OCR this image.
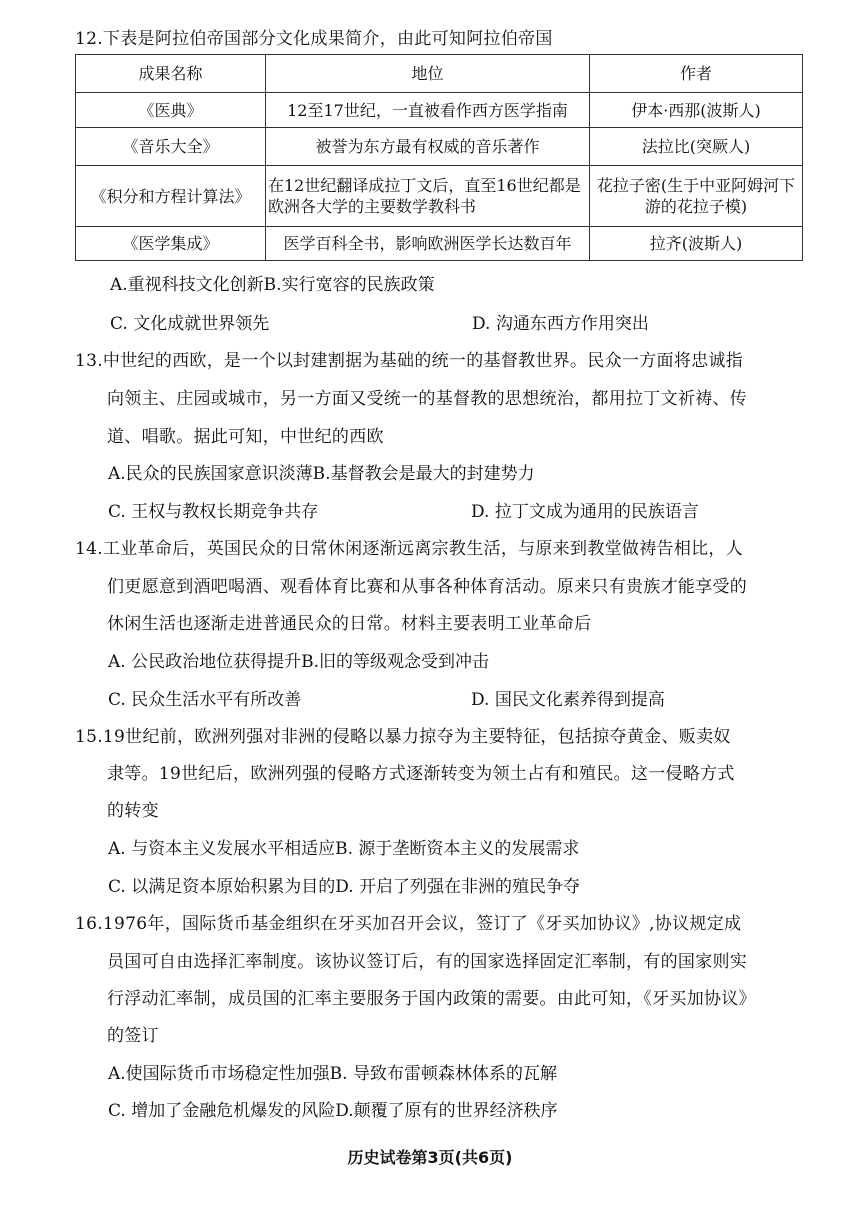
12.下表是阿拉伯帝国部分文化成果简介，由此可知阿拉伯帝国
成果名称	地位	作者
《医典》	12至17世纪，一直被看作西方医学指南	伊本·西那(波斯人)
《音乐大全》	被誉为东方最有权威的音乐著作	法拉比(突厥人)
《积分和方程计算法》	在12世纪翻译成拉丁文后，直至16世纪都是欧洲各大学的主要数学教科书	花拉子密(生于中亚阿姆河下游的花拉子模)
《医学集成》	医学百科全书，影响欧洲医学长达数百年	拉齐(波斯人)
A.重视科技文化创新B.实行宽容的民族政策
C. 文化成就世界领先	D. 沟通东西方作用突出
13.中世纪的西欧，是一个以封建割据为基础的统一的基督教世界。民众一方面将忠诚指
向领主、庄园或城市，另一方面又受统一的基督教的思想统治，都用拉丁文祈祷、传
道、唱歌。据此可知，中世纪的西欧
A.民众的民族国家意识淡薄B.基督教会是最大的封建势力
C. 王权与教权长期竞争共存	D. 拉丁文成为通用的民族语言
14.工业革命后，英国民众的日常休闲逐渐远离宗教生活，与原来到教堂做祷告相比，人
们更愿意到酒吧喝酒、观看体育比赛和从事各种体育活动。原来只有贵族才能享受的
休闲生活也逐渐走进普通民众的日常。材料主要表明工业革命后
A. 公民政治地位获得提升B.旧的等级观念受到冲击
C. 民众生活水平有所改善	D. 国民文化素养得到提高
15.19世纪前，欧洲列强对非洲的侵略以暴力掠夺为主要特征，包括掠夺黄金、贩卖奴
隶等。19世纪后，欧洲列强的侵略方式逐渐转变为领土占有和殖民。这一侵略方式
的转变
A. 与资本主义发展水平相适应B. 源于垄断资本主义的发展需求
C. 以满足资本原始积累为目的D. 开启了列强在非洲的殖民争夺
16.1976年，国际货币基金组织在牙买加召开会议，签订了《牙买加协议》,协议规定成
员国可自由选择汇率制度。该协议签订后，有的国家选择固定汇率制，有的国家则实
行浮动汇率制，成员国的汇率主要服务于国内政策的需要。由此可知，《牙买加协议》
的签订
A.使国际货币市场稳定性加强B. 导致布雷顿森林体系的瓦解
C. 增加了金融危机爆发的风险D.颠覆了原有的世界经济秩序
历史试卷第3页(共6页)
